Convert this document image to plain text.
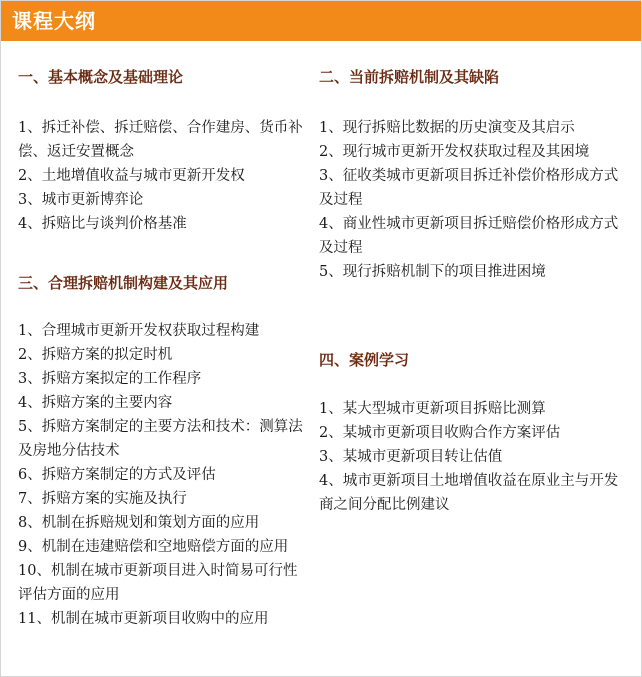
课程大纲
一、基本概念及基础理论
1、拆迁补偿、拆迁赔偿、合作建房、货币补偿、返迁安置概念
2、土地增值收益与城市更新开发权
3、城市更新博弈论
4、拆赔比与谈判价格基准
三、合理拆赔机制构建及其应用
1、合理城市更新开发权获取过程构建
2、拆赔方案的拟定时机
3、拆赔方案拟定的工作程序
4、拆赔方案的主要内容
5、拆赔方案制定的主要方法和技术：测算法及房地分估技术
6、拆赔方案制定的方式及评估
7、拆赔方案的实施及执行
8、机制在拆赔规划和策划方面的应用
9、机制在违建赔偿和空地赔偿方面的应用
10、机制在城市更新项目进入时简易可行性评估方面的应用
11、机制在城市更新项目收购中的应用
二、当前拆赔机制及其缺陷
1、现行拆赔比数据的历史演变及其启示
2、现行城市更新开发权获取过程及其困境
3、征收类城市更新项目拆迁补偿价格形成方式及过程
4、商业性城市更新项目拆迁赔偿价格形成方式及过程
5、现行拆赔机制下的项目推进困境
四、案例学习
1、某大型城市更新项目拆赔比测算
2、某城市更新项目收购合作方案评估
3、某城市更新项目转让估值
4、城市更新项目土地增值收益在原业主与开发商之间分配比例建议
